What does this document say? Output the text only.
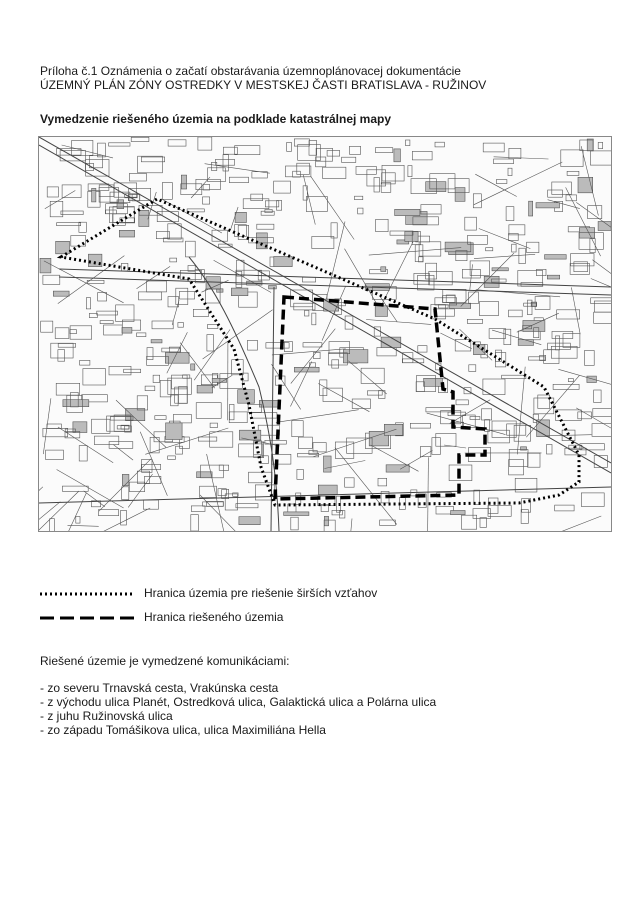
Príloha č.1 Oznámenia o začatí obstarávania územnoplánovacej dokumentácie
ÚZEMNÝ PLÁN ZÓNY OSTREDKY V MESTSKEJ ČASTI BRATISLAVA - RUŽINOV
Vymedzenie riešeného územia na podklade katastrálnej mapy
Hranica územia pre riešenie širších vzťahov
Hranica riešeného územia
Riešené územie je vymedzené komunikáciami:
- zo severu Trnavská cesta, Vrakúnska cesta
- z východu ulica Planét, Ostredková ulica, Galaktická ulica a Polárna ulica
- z juhu Ružinovská ulica
- zo západu Tomášikova ulica, ulica Maximiliána Hella
